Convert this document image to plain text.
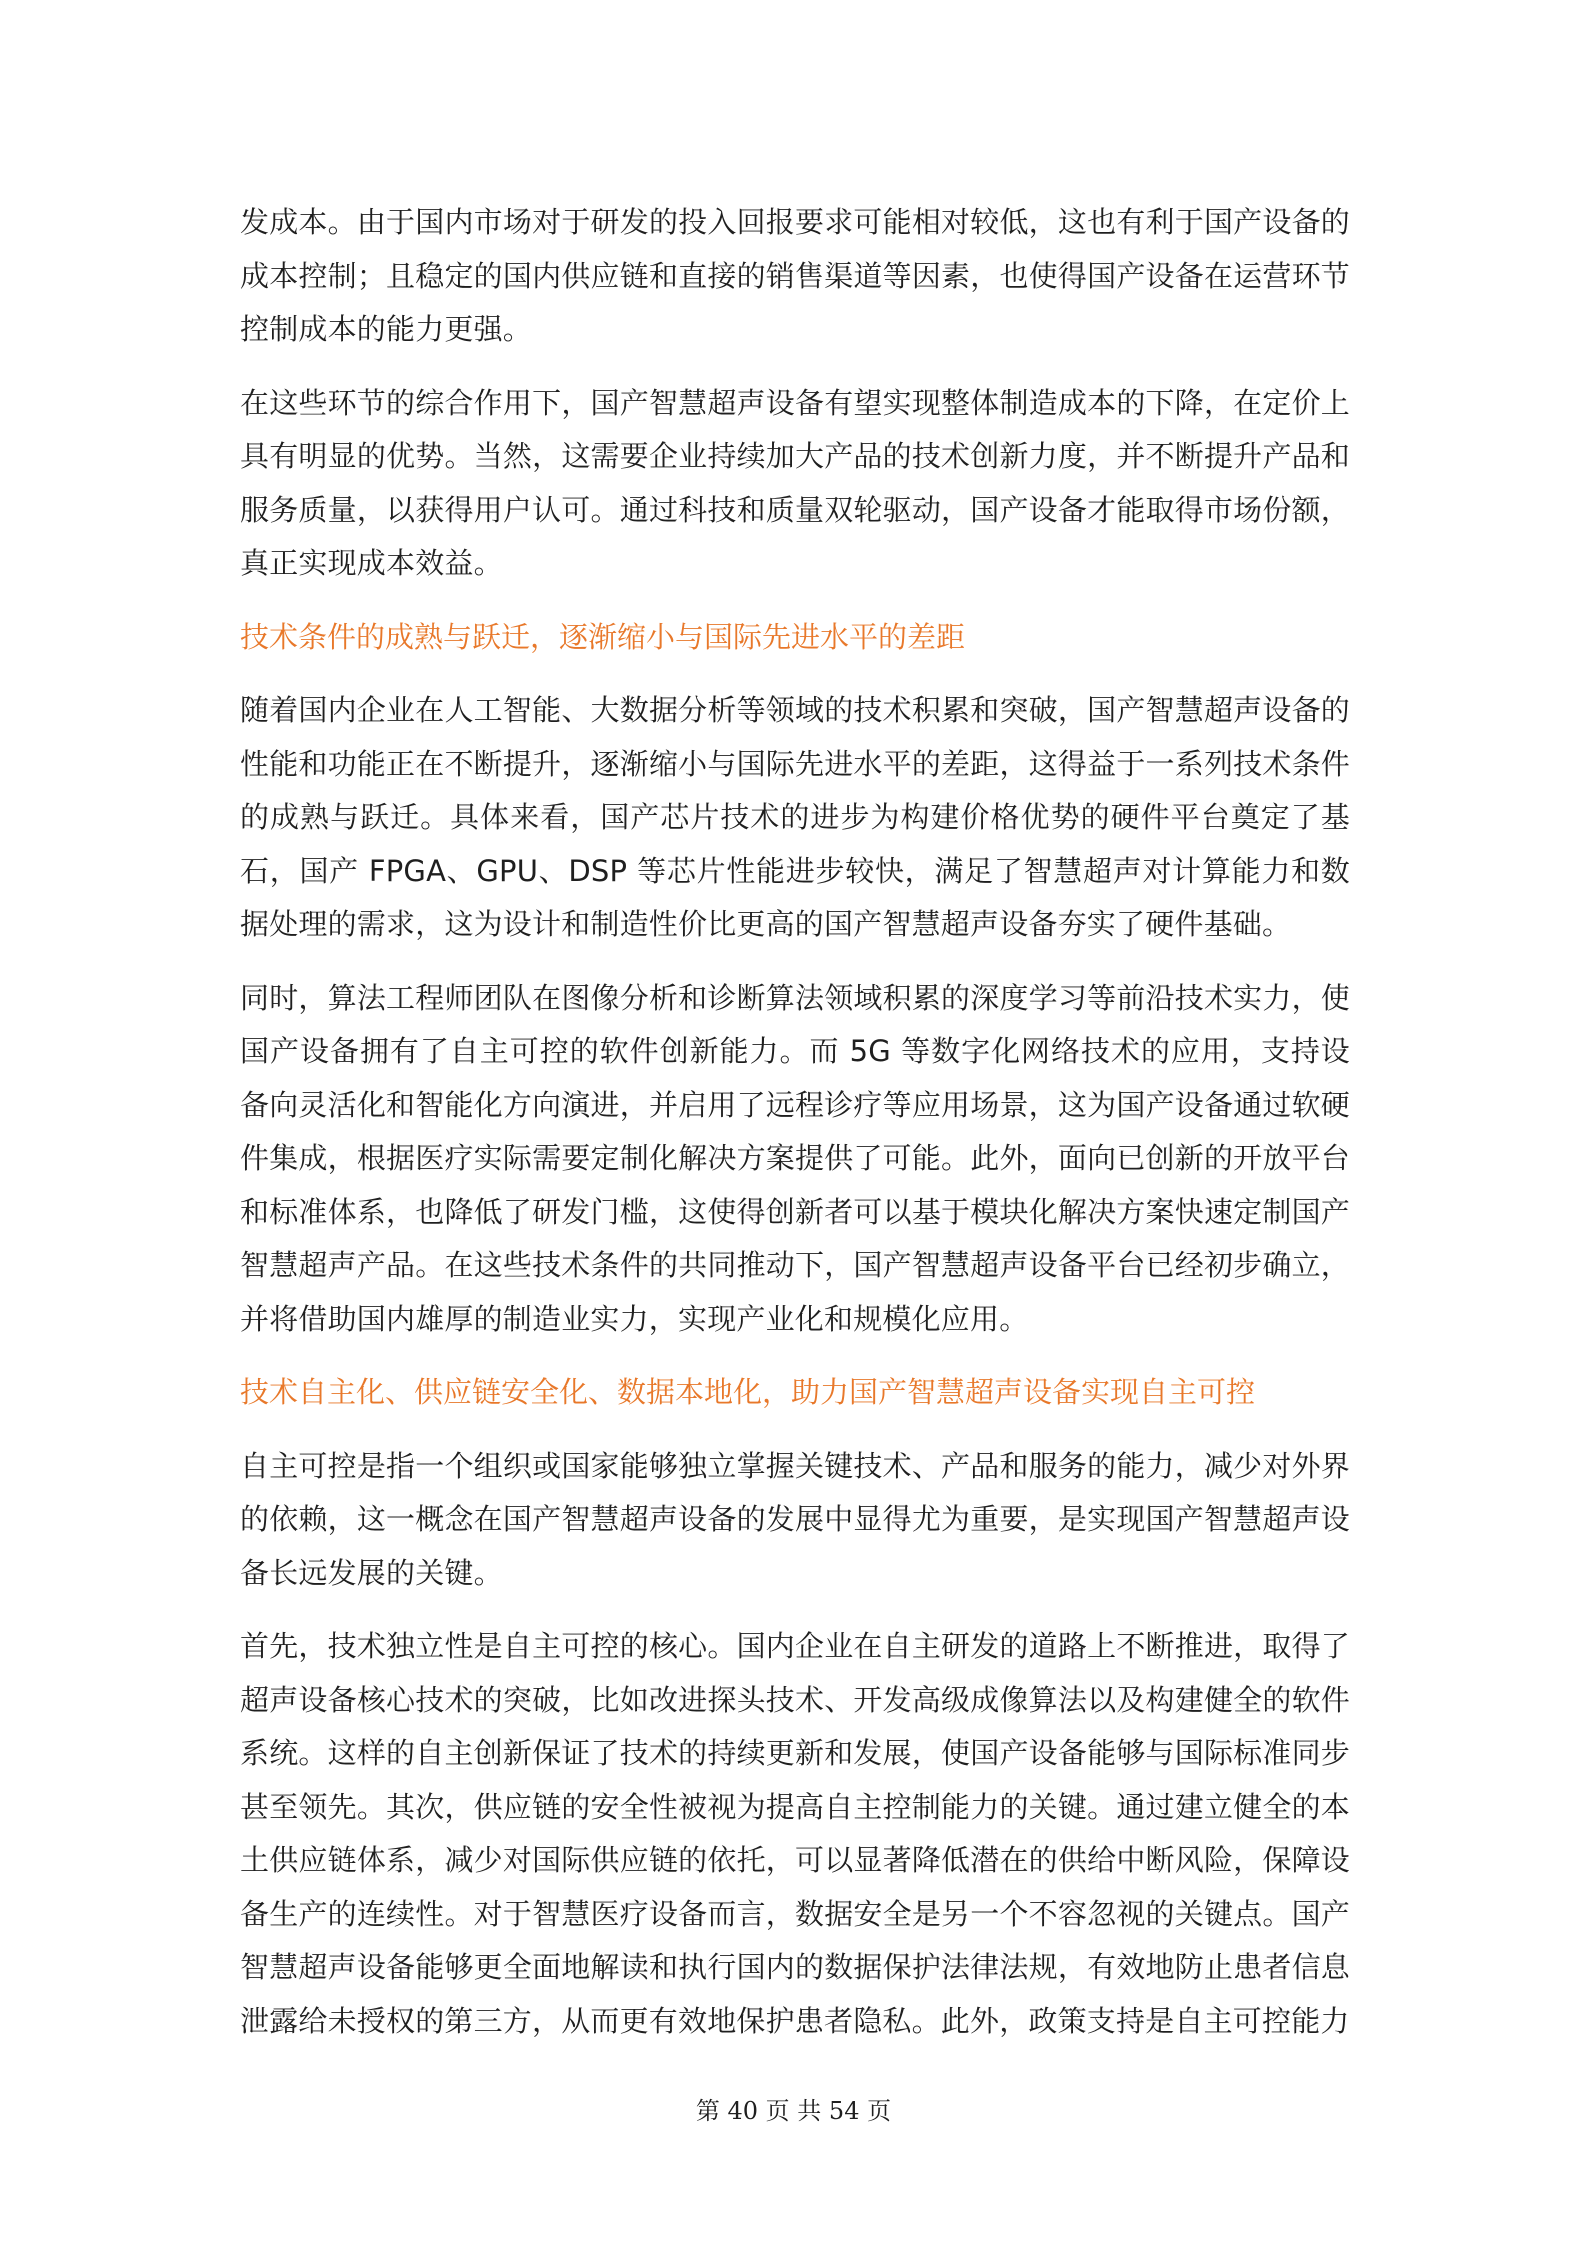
发成本。由于国内市场对于研发的投入回报要求可能相对较低，这也有利于国产设备的成本控制；且稳定的国内供应链和直接的销售渠道等因素，也使得国产设备在运营环节控制成本的能力更强。

在这些环节的综合作用下，国产智慧超声设备有望实现整体制造成本的下降，在定价上具有明显的优势。当然，这需要企业持续加大产品的技术创新力度，并不断提升产品和服务质量，以获得用户认可。通过科技和质量双轮驱动，国产设备才能取得市场份额，真正实现成本效益。

技术条件的成熟与跃迁，逐渐缩小与国际先进水平的差距

随着国内企业在人工智能、大数据分析等领域的技术积累和突破，国产智慧超声设备的性能和功能正在不断提升，逐渐缩小与国际先进水平的差距，这得益于一系列技术条件的成熟与跃迁。具体来看，国产芯片技术的进步为构建价格优势的硬件平台奠定了基石，国产 FPGA、GPU、DSP 等芯片性能进步较快，满足了智慧超声对计算能力和数据处理的需求，这为设计和制造性价比更高的国产智慧超声设备夯实了硬件基础。

同时，算法工程师团队在图像分析和诊断算法领域积累的深度学习等前沿技术实力，使国产设备拥有了自主可控的软件创新能力。而 5G 等数字化网络技术的应用，支持设备向灵活化和智能化方向演进，并启用了远程诊疗等应用场景，这为国产设备通过软硬件集成，根据医疗实际需要定制化解决方案提供了可能。此外，面向已创新的开放平台和标准体系，也降低了研发门槛，这使得创新者可以基于模块化解决方案快速定制国产智慧超声产品。在这些技术条件的共同推动下，国产智慧超声设备平台已经初步确立，并将借助国内雄厚的制造业实力，实现产业化和规模化应用。

技术自主化、供应链安全化、数据本地化，助力国产智慧超声设备实现自主可控

自主可控是指一个组织或国家能够独立掌握关键技术、产品和服务的能力，减少对外界的依赖，这一概念在国产智慧超声设备的发展中显得尤为重要，是实现国产智慧超声设备长远发展的关键。

首先，技术独立性是自主可控的核心。国内企业在自主研发的道路上不断推进，取得了超声设备核心技术的突破，比如改进探头技术、开发高级成像算法以及构建健全的软件系统。这样的自主创新保证了技术的持续更新和发展，使国产设备能够与国际标准同步甚至领先。其次，供应链的安全性被视为提高自主控制能力的关键。通过建立健全的本土供应链体系，减少对国际供应链的依托，可以显著降低潜在的供给中断风险，保障设备生产的连续性。对于智慧医疗设备而言，数据安全是另一个不容忽视的关键点。国产智慧超声设备能够更全面地解读和执行国内的数据保护法律法规，有效地防止患者信息泄露给未授权的第三方，从而更有效地保护患者隐私。此外，政策支持是自主可控能力

第 40 页 共 54 页
